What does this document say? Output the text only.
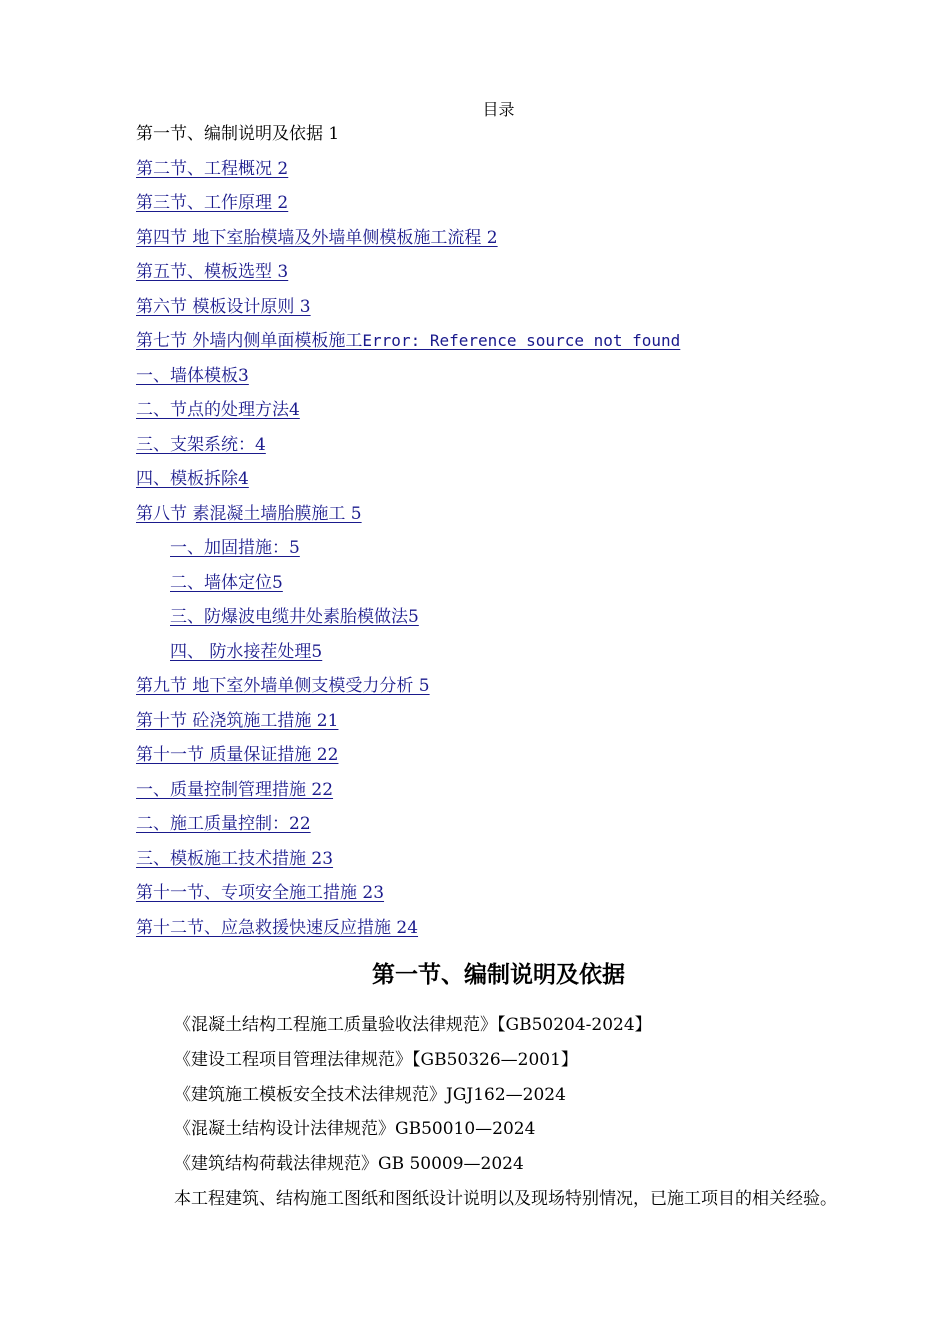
目录
第一节、编制说明及依据 1
第二节、工程概况 2
第三节、工作原理 2
第四节 地下室胎模墙及外墙单侧模板施工流程 2
第五节、模板选型 3
第六节 模板设计原则 3
第七节 外墙内侧单面模板施工Error: Reference source not found
一、墙体模板3
二、节点的处理方法4
三、支架系统：4
四、模板拆除4
第八节 素混凝土墙胎膜施工 5
一、加固措施：5
二、墙体定位5
三、防爆波电缆井处素胎模做法5
四、 防水接茬处理5
第九节 地下室外墙单侧支模受力分析 5
第十节 砼浇筑施工措施 21
第十一节 质量保证措施 22
一、质量控制管理措施 22
二、施工质量控制：22
三、模板施工技术措施 23
第十一节、专项安全施工措施 23
第十二节、应急救援快速反应措施 24
第一节、编制说明及依据
《混凝土结构工程施工质量验收法律规范》【GB50204-2024】
《建设工程项目管理法律规范》【GB50326—2001】
《建筑施工模板安全技术法律规范》JGJ162—2024
《混凝土结构设计法律规范》GB50010—2024
《建筑结构荷载法律规范》GB 50009—2024
本工程建筑、结构施工图纸和图纸设计说明以及现场特别情况，已施工项目的相关经验。
